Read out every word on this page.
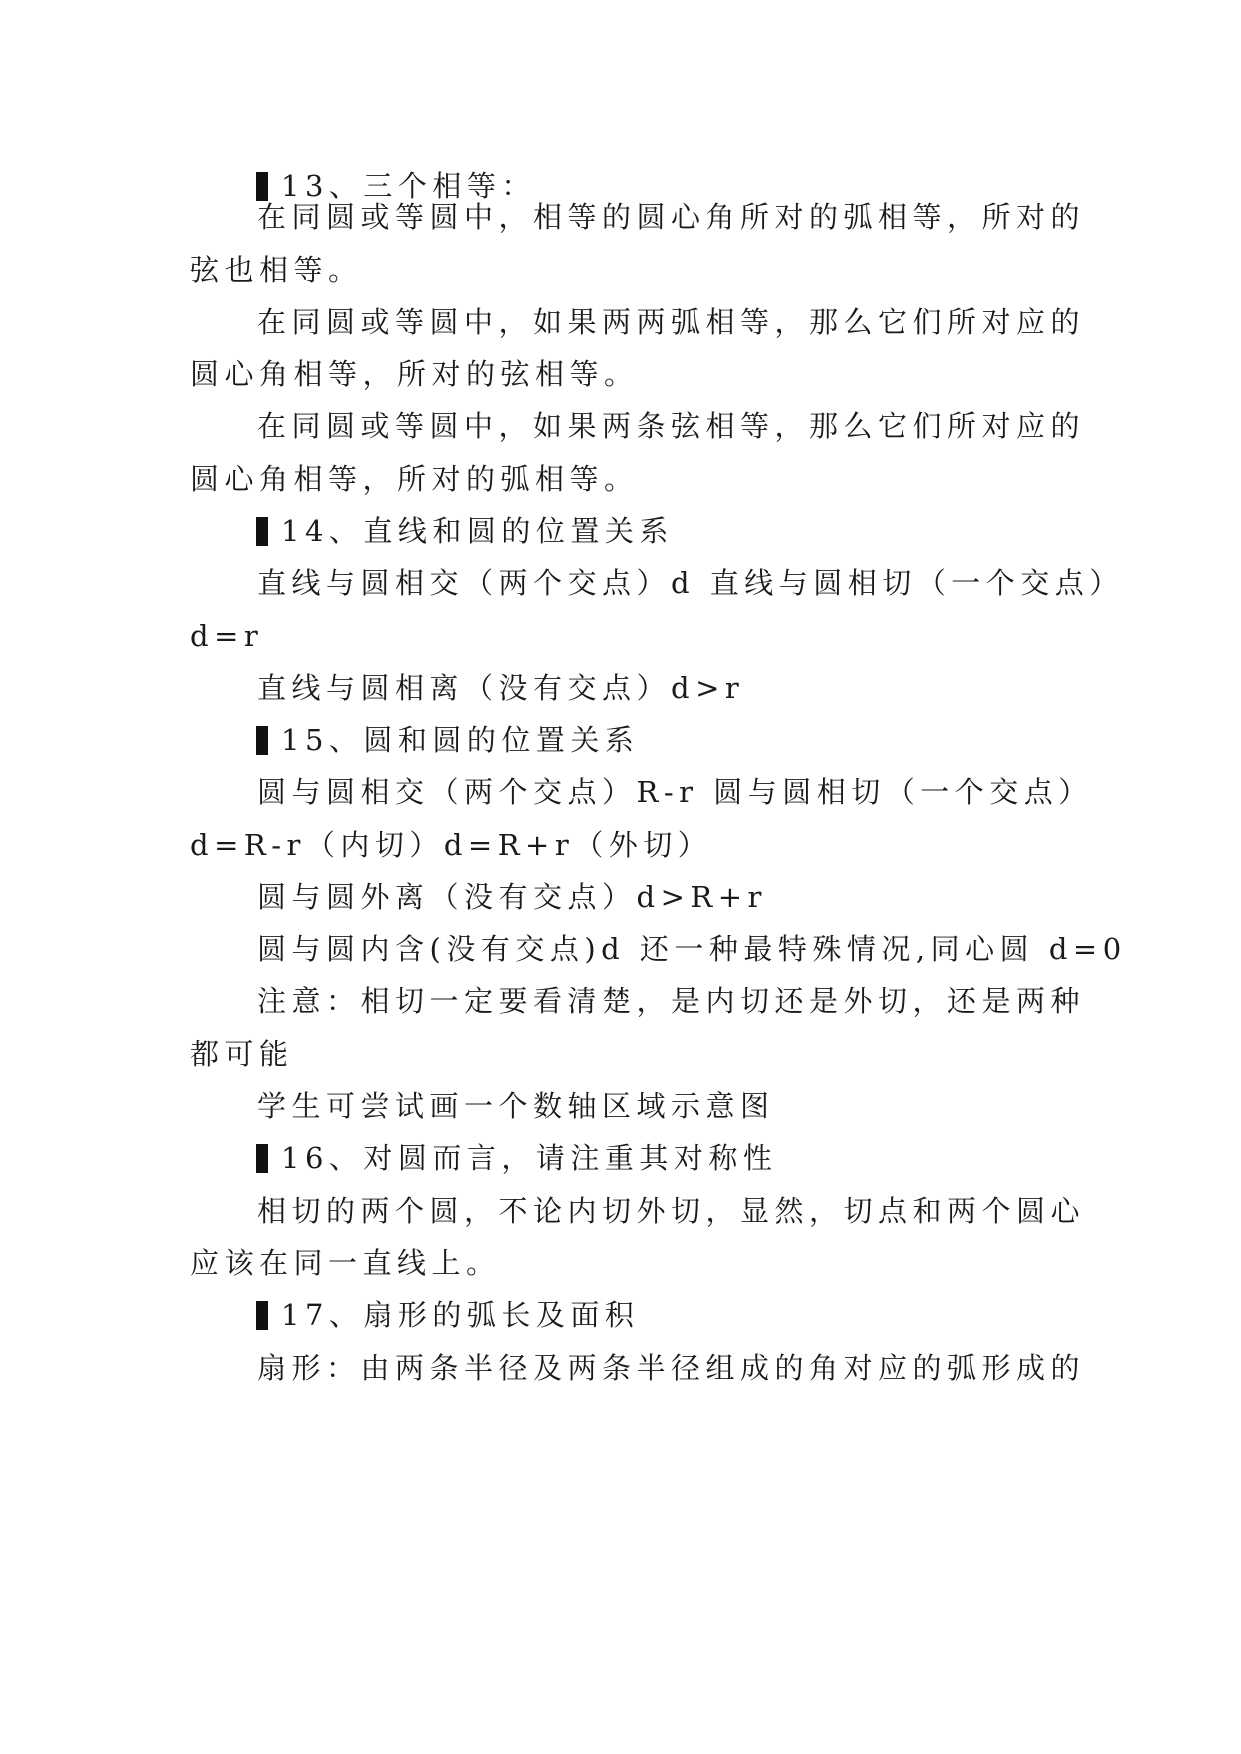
13、三个相等：
在同圆或等圆中，相等的圆心角所对的弧相等，所对的
弦也相等。
在同圆或等圆中，如果两两弧相等，那么它们所对应的
圆心角相等，所对的弦相等。
在同圆或等圆中，如果两条弦相等，那么它们所对应的
圆心角相等，所对的弧相等。
14、直线和圆的位置关系
直线与圆相交（两个交点）d 直线与圆相切（一个交点）
d=r
直线与圆相离（没有交点）d>r
15、圆和圆的位置关系
圆与圆相交（两个交点）R-r 圆与圆相切（一个交点）
d=R-r（内切）d=R+r（外切）
圆与圆外离（没有交点）d>R+r
圆与圆内含(没有交点)d 还一种最特殊情况,同心圆 d=0
注意：相切一定要看清楚，是内切还是外切，还是两种
都可能
学生可尝试画一个数轴区域示意图
16、对圆而言，请注重其对称性
相切的两个圆，不论内切外切，显然，切点和两个圆心
应该在同一直线上。
17、扇形的弧长及面积
扇形：由两条半径及两条半径组成的角对应的弧形成的
